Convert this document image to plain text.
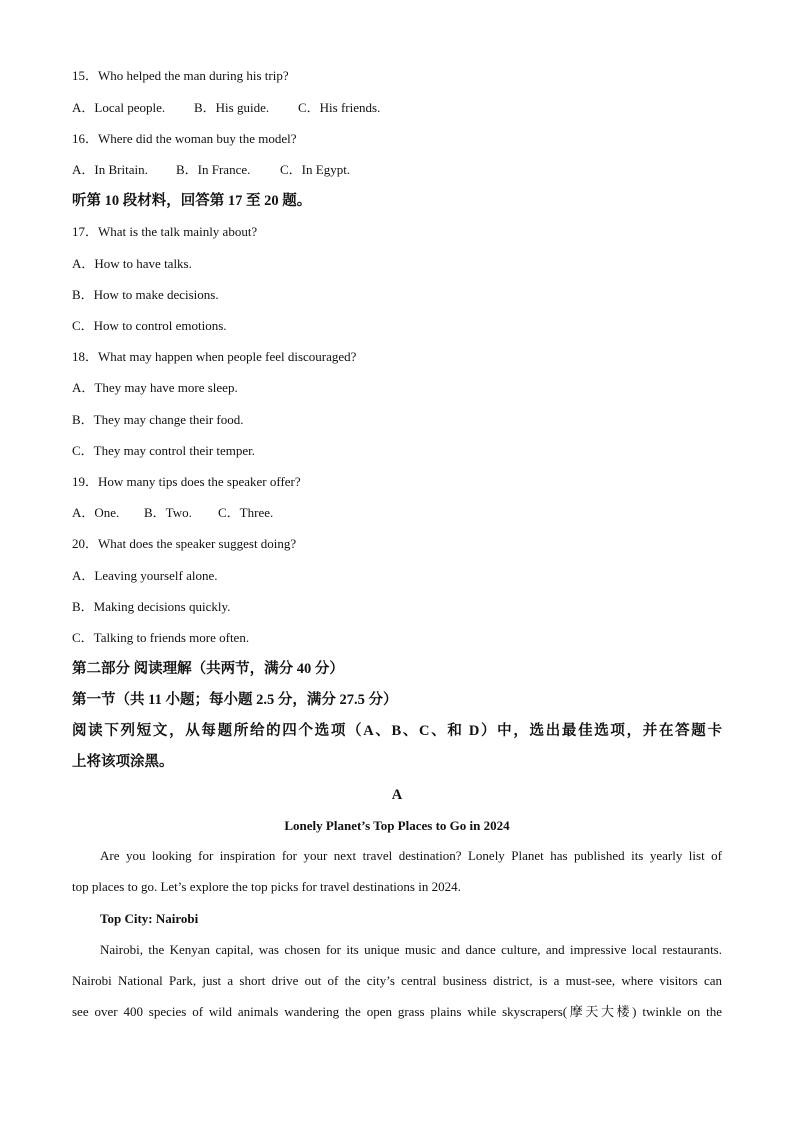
15．Who helped the man during his trip?
A．Local people. B．His guide. C．His friends.
16．Where did the woman buy the model?
A．In Britain. B．In France. C．In Egypt.
听第 10 段材料，回答第 17 至 20 题。
17．What is the talk mainly about?
A．How to have talks.
B．How to make decisions.
C．How to control emotions.
18．What may happen when people feel discouraged?
A．They may have more sleep.
B．They may change their food.
C．They may control their temper.
19．How many tips does the speaker offer?
A．One. B．Two. C．Three.
20．What does the speaker suggest doing?
A．Leaving yourself alone.
B．Making decisions quickly.
C．Talking to friends more often.
第二部分 阅读理解（共两节，满分 40 分）
第一节（共 11 小题；每小题 2.5 分，满分 27.5 分）
阅读下列短文，从每题所给的四个选项（A、B、C、和 D）中，选出最佳选项，并在答题卡
上将该项涂黑。
A
Lonely Planet’s Top Places to Go in 2024
Are you looking for inspiration for your next travel destination? Lonely Planet has published its yearly list of
top places to go. Let’s explore the top picks for travel destinations in 2024.
Top City: Nairobi
Nairobi, the Kenyan capital, was chosen for its unique music and dance culture, and impressive local restaurants.
Nairobi National Park, just a short drive out of the city’s central business district, is a must-see, where visitors can
see over 400 species of wild animals wandering the open grass plains while skyscrapers(摩天大楼) twinkle on the
